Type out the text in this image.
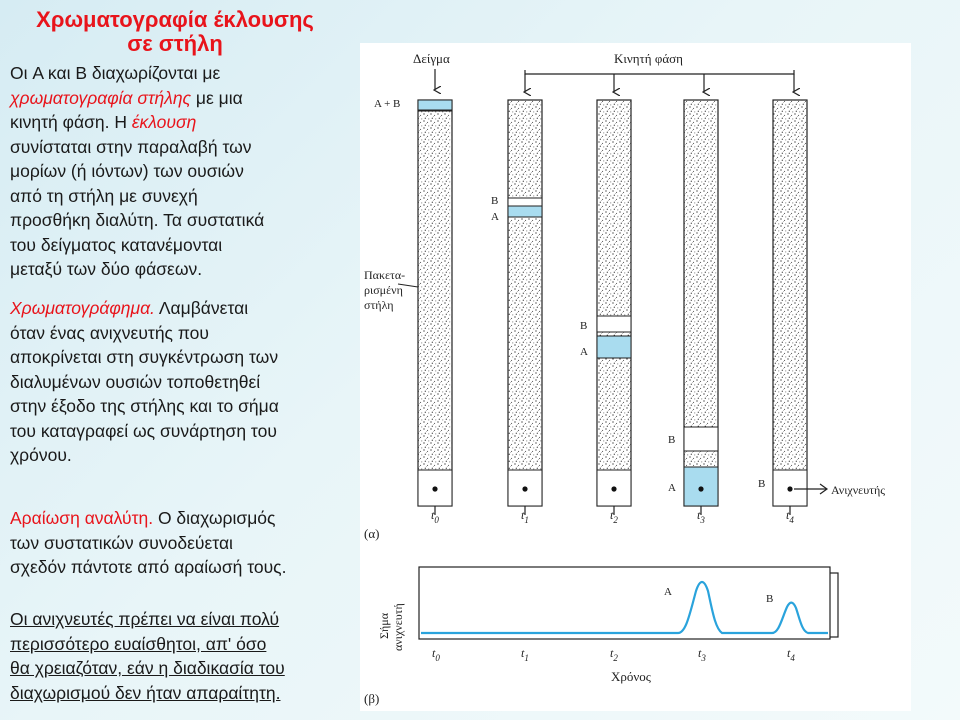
Χρωματογραφία έκλουσης
σε στήλη
Οι A και B διαχωρίζονται με
χρωματογραφία στήλης με μια
κινητή φάση. Η έκλουση
συνίσταται στην παραλαβή των
μορίων (ή ιόντων) των ουσιών
από τη στήλη με συνεχή
προσθήκη διαλύτη. Τα συστατικά
του δείγματος κατανέμονται
μεταξύ των δύο φάσεων.
Χρωματογράφημα. Λαμβάνεται
όταν ένας ανιχνευτής που
αποκρίνεται στη συγκέντρωση των
διαλυμένων ουσιών τοποθετηθεί
στην έξοδο της στήλης και το σήμα
του καταγραφεί ως συνάρτηση του
χρόνου.
Αραίωση αναλύτη. Ο διαχωρισμός
των συστατικών συνοδεύεται
σχεδόν πάντοτε από αραίωσή τους.
Οι ανιχνευτές πρέπει να είναι πολύ
περισσότερο ευαίσθητοι, απ' όσο
θα χρειαζόταν, εάν η διαδικασία του
διαχωρισμού δεν ήταν απαραίτητη.
Δείγμα	Κινητή φάση
A + B
B
A
B
A
B
A	B	Ανιχνευτής
Πακετα-
ρισμένη
στήλη
$t_0$	$t_1$	$t_2$	$t_3$	$t_4$
(α)
A
B
$t_0$	$t_1$	$t_2$	$t_3$	$t_4$
Χρόνος
Σήμα ανιχνευτή
(β)
